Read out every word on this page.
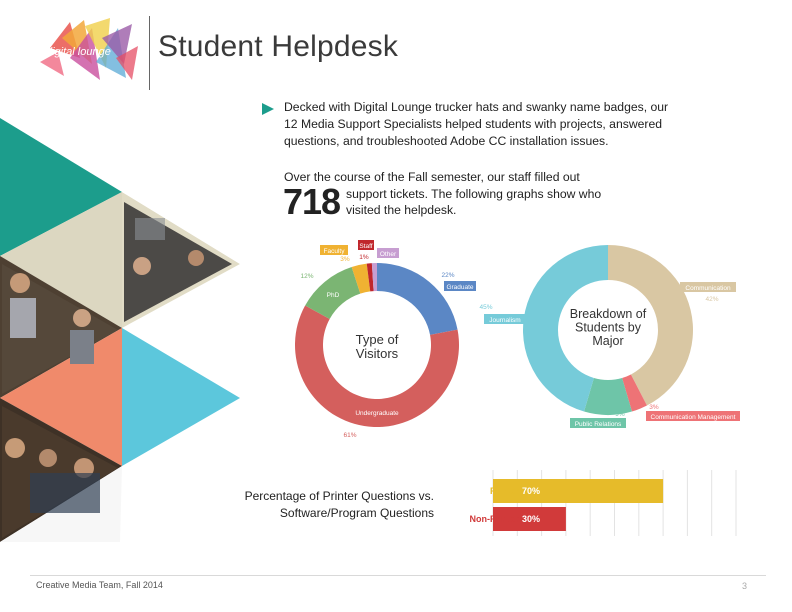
digital lounge Student Helpdesk
Decked with Digital Lounge trucker hats and swanky name badges, our 12 Media Support Specialists helped students with projects, answered questions, and troubleshooted Adobe CC installation issues.
Over the course of the Fall semester, our staff filled out
718 support tickets. The following graphs show who visited the helpdesk.
Graduate
22%
Undergraduate
61%
PhD
12%
Faculty
3%
Staff
1% Other
Type of
Visitors
Communication
42%
Communication Management
3%
Public Relations
9%
Journalism
45%	Breakdown of
Students by
Major
Percentage of Printer Questions vs. Software/Program Questions
Printer 70%
Non-Printer 30%
Creative Media Team, Fall 2014	3
